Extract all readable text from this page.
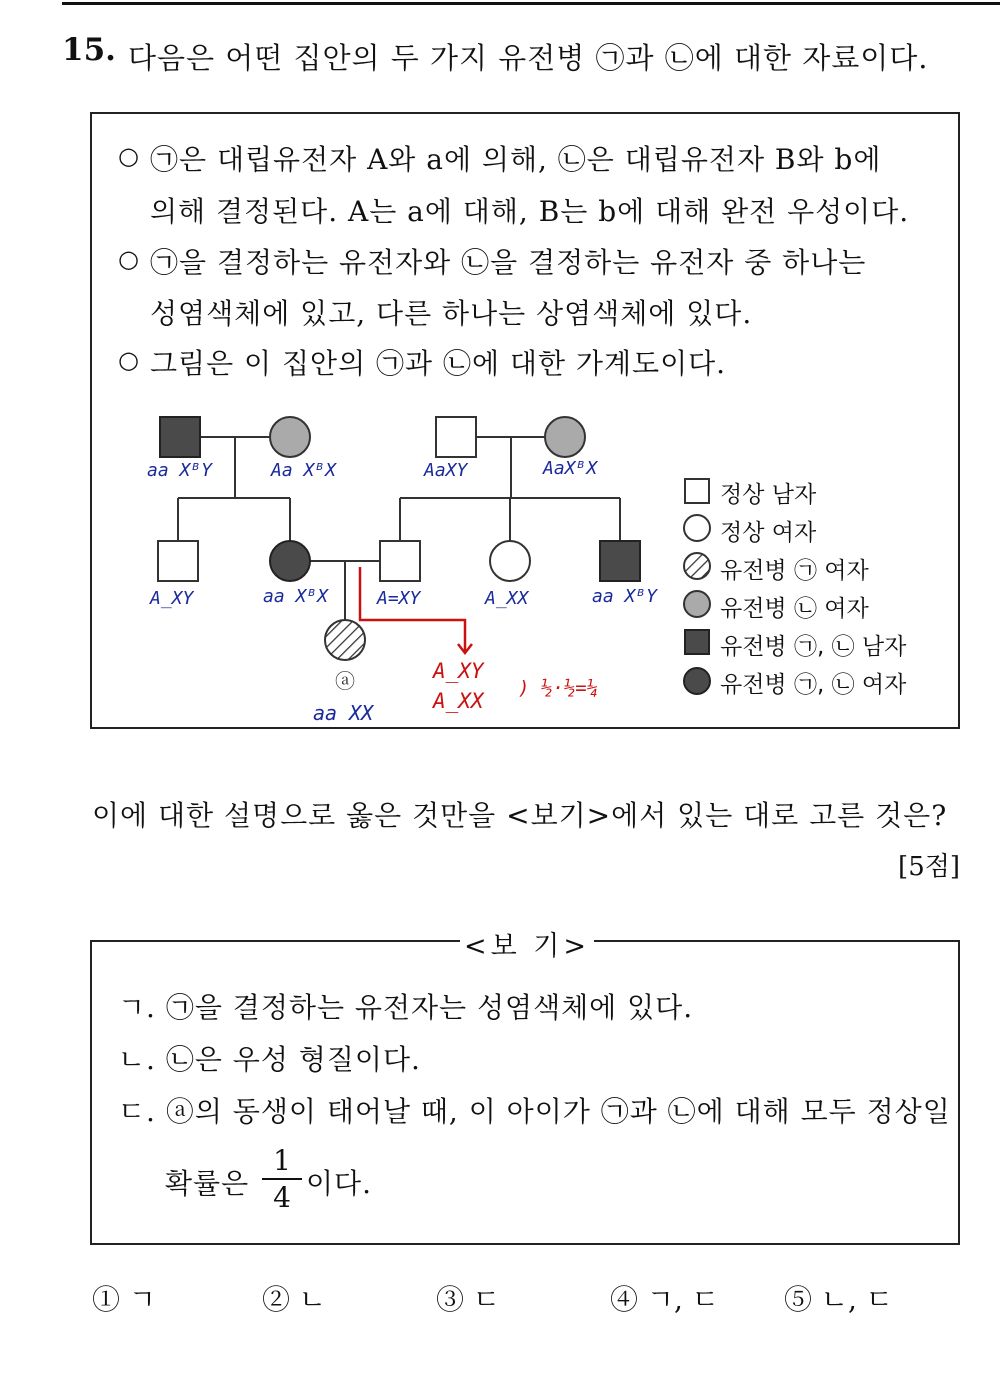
15. 다음은 어떤 집안의 두 가지 유전병 ㉠과 ㉡에 대한 자료이다.
○ ㉠은 대립유전자 A와 a에 의해, ㉡은 대립유전자 B와 b에
의해 결정된다. A는 a에 대해, B는 b에 대해 완전 우성이다.
○ ㉠을 결정하는 유전자와 ㉡을 결정하는 유전자 중 하나는
성염색체에 있고, 다른 하나는 상염색체에 있다.
○ 그림은 이 집안의 ㉠과 ㉡에 대한 가계도이다.
aa XᴮY	Aa XᴮX	AaXY	AaXᴮX
A_XY	aa XᴮX	A=XY	A_XX	aa XᴮY
aa XX
ⓐ	A_XY
A_XX
) ½·½=¼
정상 남자
정상 여자
유전병 ㉠ 여자
유전병 ㉡ 여자
유전병 ㉠, ㉡ 남자
유전병 ㉠, ㉡ 여자
이에 대한 설명으로 옳은 것만을 <보기>에서 있는 대로 고른 것은?
[5점]
<보 기>
ㄱ. ㉠을 결정하는 유전자는 성염색체에 있다.
ㄴ. ㉡은 우성 형질이다.
ㄷ. ⓐ의 동생이 태어날 때, 이 아이가 ㉠과 ㉡에 대해 모두 정상일
확률은
1
4 이다.
① ㄱ	② ㄴ	③ ㄷ	④ ㄱ, ㄷ ⑤ ㄴ, ㄷ
